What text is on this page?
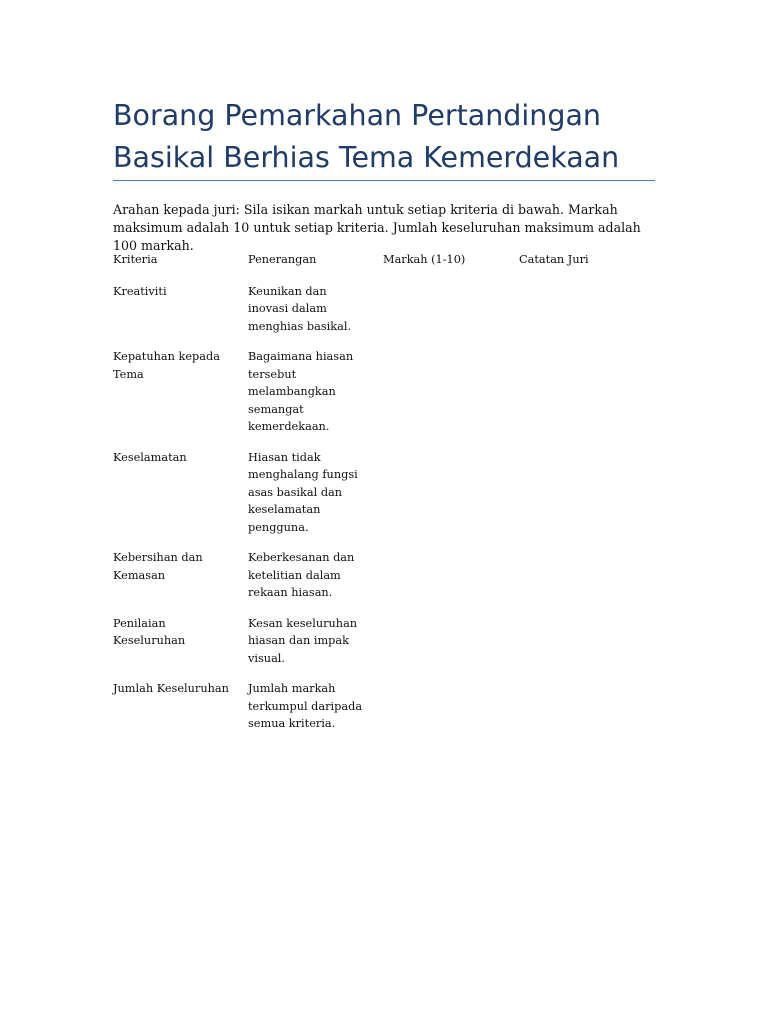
Borang Pemarkahan Pertandingan Basikal Berhias Tema Kemerdekaan

Arahan kepada juri: Sila isikan markah untuk setiap kriteria di bawah. Markah maksimum adalah 10 untuk setiap kriteria. Jumlah keseluruhan maksimum adalah 100 markah.

Kriteria	Penerangan	Markah (1-10)	Catatan Juri
Kreativiti	Keunikan dan inovasi dalam menghias basikal.		
Kepatuhan kepada Tema	Bagaimana hiasan tersebut melambangkan semangat kemerdekaan.		
Keselamatan	Hiasan tidak menghalang fungsi asas basikal dan keselamatan pengguna.		
Kebersihan dan Kemasan	Keberkesanan dan ketelitian dalam rekaan hiasan.		
Penilaian Keseluruhan	Kesan keseluruhan hiasan dan impak visual.		
Jumlah Keseluruhan	Jumlah markah terkumpul daripada semua kriteria.		
